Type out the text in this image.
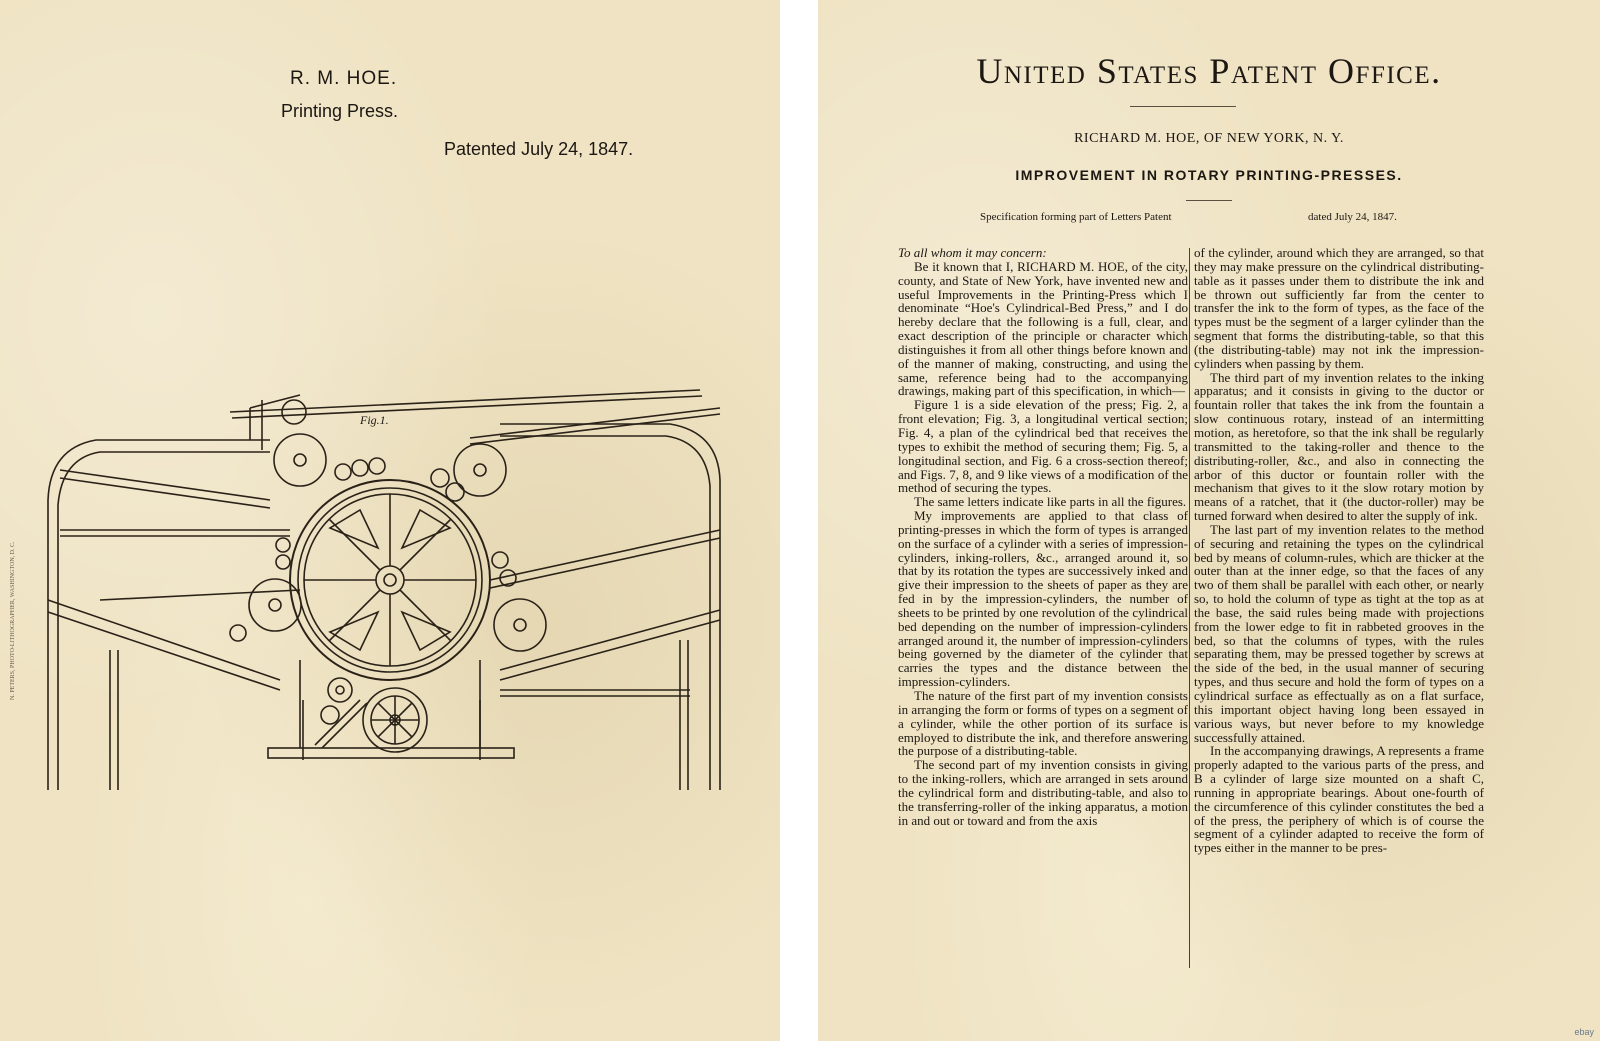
R. M. HOE.
Printing Press.
Patented July 24, 1847.
N. PETERS, PHOTO-LITHOGRAPHER, WASHINGTON, D. C.
Fig.1.
United States Patent Office.
RICHARD M. HOE, OF NEW YORK, N. Y.
IMPROVEMENT IN ROTARY PRINTING-PRESSES.
Specification forming part of Letters Patent	dated July 24, 1847.

To all whom it may concern:

Be it known that I, RICHARD M. HOE, of the city, county, and State of New York, have invented new and useful Improvements in the Printing-Press which I denominate “Hoe's Cylindrical-Bed Press,” and I do hereby declare that the following is a full, clear, and exact description of the principle or character which distinguishes it from all other things before known and of the manner of making, constructing, and using the same, reference being had to the accompanying drawings, making part of this specification, in which—

Figure 1 is a side elevation of the press; Fig. 2, a front elevation; Fig. 3, a longitudinal vertical section; Fig. 4, a plan of the cylindrical bed that receives the types to exhibit the method of securing them; Fig. 5, a longitudinal section, and Fig. 6 a cross-section thereof; and Figs. 7, 8, and 9 like views of a modification of the method of securing the types.

The same letters indicate like parts in all the figures.

My improvements are applied to that class of printing-presses in which the form of types is arranged on the surface of a cylinder with a series of impression-cylinders, inking-rollers, &c., arranged around it, so that by its rotation the types are successively inked and give their impression to the sheets of paper as they are fed in by the impression-cylinders, the number of sheets to be printed by one revolution of the cylindrical bed depending on the number of impression-cylinders arranged around it, the number of impression-cylinders being governed by the diameter of the cylinder that carries the types and the distance between the impression-cylinders.

The nature of the first part of my invention consists in arranging the form or forms of types on a segment of a cylinder, while the other portion of its surface is employed to distribute the ink, and therefore answering the purpose of a distributing-table.

The second part of my invention consists in giving to the inking-rollers, which are arranged in sets around the cylindrical form and distributing-table, and also to the transferring-roller of the inking apparatus, a motion in and out or toward and from the axis

of the cylinder, around which they are arranged, so that they may make pressure on the cylindrical distributing-table as it passes under them to distribute the ink and be thrown out sufficiently far from the center to transfer the ink to the form of types, as the face of the types must be the segment of a larger cylinder than the segment that forms the distributing-table, so that this (the distributing-table) may not ink the impression-cylinders when passing by them.

The third part of my invention relates to the inking apparatus; and it consists in giving to the ductor or fountain roller that takes the ink from the fountain a slow continuous rotary, instead of an intermitting motion, as heretofore, so that the ink shall be regularly transmitted to the taking-roller and thence to the distributing-roller, &c., and also in connecting the arbor of this ductor or fountain roller with the mechanism that gives to it the slow rotary motion by means of a ratchet, that it (the ductor-roller) may be turned forward when desired to alter the supply of ink.

The last part of my invention relates to the method of securing and retaining the types on the cylindrical bed by means of column-rules, which are thicker at the outer than at the inner edge, so that the faces of any two of them shall be parallel with each other, or nearly so, to hold the column of type as tight at the top as at the base, the said rules being made with projections from the lower edge to fit in rabbeted grooves in the bed, so that the columns of types, with the rules separating them, may be pressed together by screws at the side of the bed, in the usual manner of securing types, and thus secure and hold the form of types on a cylindrical surface as effectually as on a flat surface, this important object having long been essayed in various ways, but never before to my knowledge successfully attained.

In the accompanying drawings, A represents a frame properly adapted to the various parts of the press, and B a cylinder of large size mounted on a shaft C, running in appropriate bearings. About one-fourth of the circumference of this cylinder constitutes the bed a of the press, the periphery of which is of course the segment of a cylinder adapted to receive the form of types either in the manner to be pres-

ebay
